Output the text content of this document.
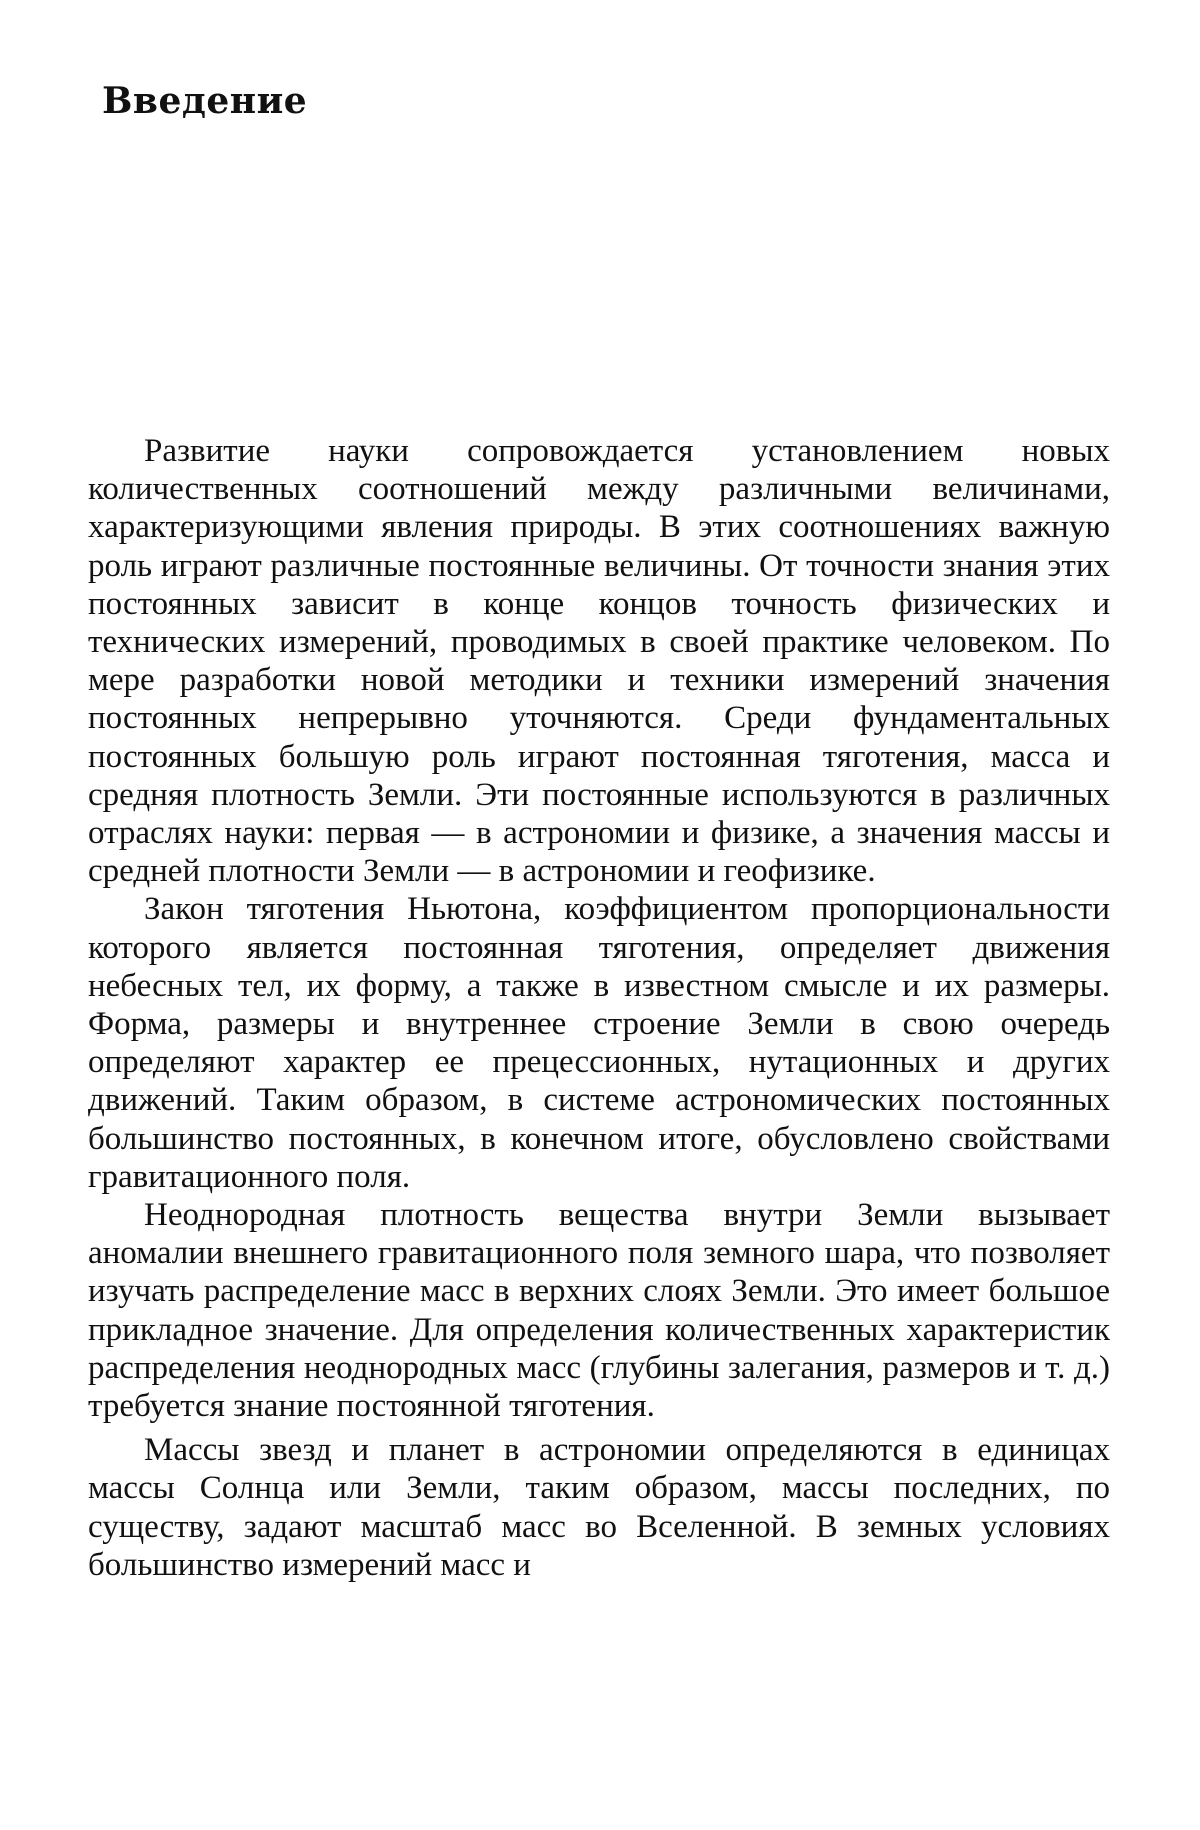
Введение

Развитие науки сопровождается установлением новых количественных соотношений между различными величинами, характеризующими явления природы. В этих соотношениях важную роль играют различные постоянные величины. От точности знания этих постоянных зависит в конце концов точность физических и технических измерений, проводимых в своей практике человеком. По мере разработки новой методики и техники измерений значения постоянных непрерывно уточняются. Среди фундаментальных постоянных большую роль играют постоянная тяготения, масса и средняя плотность Земли. Эти постоянные используются в различных отраслях науки: первая — в астрономии и физике, а значения массы и средней плотности Земли — в астрономии и геофизике.

Закон тяготения Ньютона, коэффициентом пропорциональности которого является постоянная тяготения, определяет движения небесных тел, их форму, а также в известном смысле и их размеры. Форма, размеры и внутреннее строение Земли в свою очередь определяют характер ее прецессионных, нутационных и других движений. Таким образом, в системе астрономических постоянных большинство постоянных, в конечном итоге, обусловлено свойствами гравитационного поля.

Неоднородная плотность вещества внутри Земли вызывает аномалии внешнего гравитационного поля земного шара, что позволяет изучать распределение масс в верхних слоях Земли. Это имеет большое прикладное значение. Для определения количественных характеристик распределения неоднородных масс (глубины залегания, размеров и т. д.) требуется знание постоянной тяготения.

Массы звезд и планет в астрономии определяются в единицах массы Солнца или Земли, таким образом, массы последних, по существу, задают масштаб масс во Вселенной. В земных условиях большинство измерений масс и
